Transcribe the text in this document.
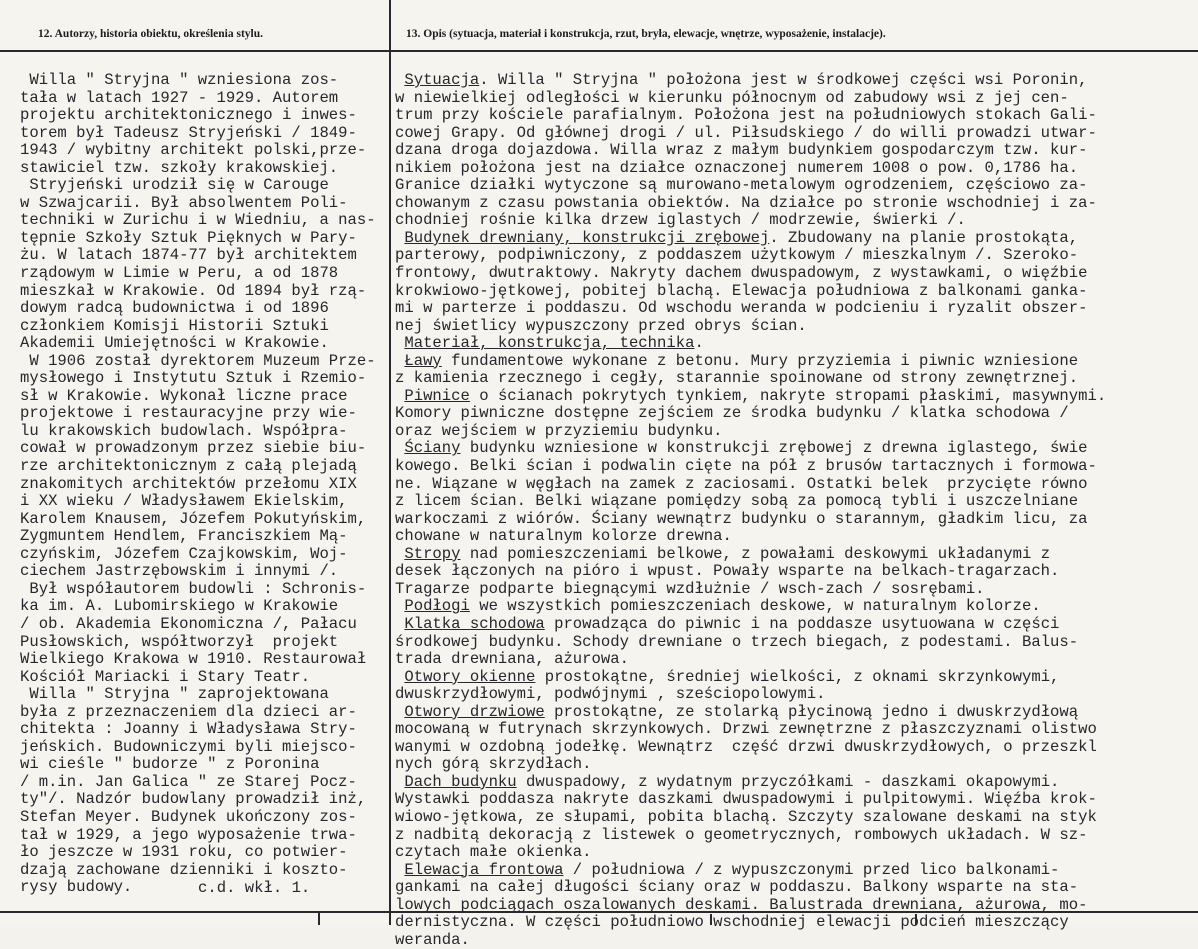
12. Autorzy, historia obiektu, określenia stylu.	13. Opis (sytuacja, materiał i konstrukcja, rzut, bryła, elewacje, wnętrze, wyposażenie, instalacje).
Willa " Stryjna " wzniesiona zos-
tała w latach 1927 - 1929. Autorem
projektu architektonicznego i inwes-
torem był Tadeusz Stryjeński / 1849-
1943 / wybitny architekt polski,prze-
stawiciel tzw. szkoły krakowskiej.
Stryjeński urodził się w Carouge
w Szwajcarii. Był absolwentem Poli-
techniki w Zurichu i w Wiedniu, a nas-
tępnie Szkoły Sztuk Pięknych w Pary-
żu. W latach 1874-77 był architektem
rządowym w Limie w Peru, a od 1878
mieszkał w Krakowie. Od 1894 był rzą-
dowym radcą budownictwa i od 1896
członkiem Komisji Historii Sztuki
Akademii Umiejętności w Krakowie.
W 1906 został dyrektorem Muzeum Prze-
mysłowego i Instytutu Sztuk i Rzemio-
sł w Krakowie. Wykonał liczne prace
projektowe i restauracyjne przy wie-
lu krakowskich budowlach. Współpra-
cował w prowadzonym przez siebie biu-
rze architektonicznym z całą plejadą
znakomitych architektów przełomu XIX
i XX wieku / Władysławem Ekielskim,
Karolem Knausem, Józefem Pokutyńskim,
Zygmuntem Hendlem, Franciszkiem Mą-
czyńskim, Józefem Czajkowskim, Woj-
ciechem Jastrzębowskim i innymi /.
Był współautorem budowli : Schronis-
ka im. A. Lubomirskiego w Krakowie
/ ob. Akademia Ekonomiczna /, Pałacu
Pusłowskich, współtworzył  projekt
Wielkiego Krakowa w 1910. Restaurował
Kościół Mariacki i Stary Teatr.
Willa " Stryjna " zaprojektowana
była z przeznaczeniem dla dzieci ar-
chitekta : Joanny i Władysława Stry-
jeńskich. Budowniczymi byli miejsco-
wi cieśle " budorze " z Poronina
/ m.in. Jan Galica " ze Starej Pocz-
ty"/. Nadzór budowlany prowadził inż,
Stefan Meyer. Budynek ukończony zos-
tał w 1929, a jego wyposażenie trwa-
ło jeszcze w 1931 roku, co potwier-
dzają zachowane dzienniki i koszto-
rysy budowy.	c.d. wkł. 1.
Sytuacja. Willa " Stryjna " położona jest w środkowej części wsi Poronin,
w niewielkiej odległości w kierunku północnym od zabudowy wsi z jej cen-
trum przy kościele parafialnym. Położona jest na południowych stokach Gali-
cowej Grapy. Od głównej drogi / ul. Piłsudskiego / do willi prowadzi utwar-
dzana droga dojazdowa. Willa wraz z małym budynkiem gospodarczym tzw. kur-
nikiem położona jest na działce oznaczonej numerem 1008 o pow. 0,1786 ha.
Granice działki wytyczone są murowano-metalowym ogrodzeniem, częściowo za-
chowanym z czasu powstania obiektów. Na działce po stronie wschodniej i za-
chodniej rośnie kilka drzew iglastych / modrzewie, świerki /.
Budynek drewniany, konstrukcji zrębowej. Zbudowany na planie prostokąta,
parterowy, podpiwniczony, z poddaszem użytkowym / mieszkalnym /. Szeroko-
frontowy, dwutraktowy. Nakryty dachem dwuspadowym, z wystawkami, o więźbie
krokwiowo-jętkowej, pobitej blachą. Elewacja południowa z balkonami ganka-
mi w parterze i poddaszu. Od wschodu weranda w podcieniu i ryzalit obszer-
nej świetlicy wypuszczony przed obrys ścian.
Materiał, konstrukcja, technika.
Ławy fundamentowe wykonane z betonu. Mury przyziemia i piwnic wzniesione
z kamienia rzecznego i cegły, starannie spoinowane od strony zewnętrznej.
Piwnice o ścianach pokrytych tynkiem, nakryte stropami płaskimi, masywnymi.
Komory piwniczne dostępne zejściem ze środka budynku / klatka schodowa /
oraz wejściem w przyziemiu budynku.
Ściany budynku wzniesione w konstrukcji zrębowej z drewna iglastego, świe
kowego. Belki ścian i podwalin cięte na pół z brusów tartacznych i formowa-
ne. Wiązane w węgłach na zamek z zaciosami. Ostatki belek  przycięte równo
z licem ścian. Belki wiązane pomiędzy sobą za pomocą tybli i uszczelniane
warkoczami z wiórów. Ściany wewnątrz budynku o starannym, gładkim licu, za
chowane w naturalnym kolorze drewna.
Stropy nad pomieszczeniami belkowe, z powałami deskowymi układanymi z
desek łączonych na pióro i wpust. Powały wsparte na belkach-tragarzach.
Tragarze podparte biegnącymi wzdłużnie / wsch-zach / sosrębami.
Podłogi we wszystkich pomieszczeniach deskowe, w naturalnym kolorze.
Klatka schodowa prowadząca do piwnic i na poddasze usytuowana w części
środkowej budynku. Schody drewniane o trzech biegach, z podestami. Balus-
trada drewniana, ażurowa.
Otwory okienne prostokątne, średniej wielkości, z oknami skrzynkowymi,
dwuskrzydłowymi, podwójnymi , sześciopolowymi.
Otwory drzwiowe prostokątne, ze stolarką płycinową jedno i dwuskrzydłową
mocowaną w futrynach skrzynkowych. Drzwi zewnętrzne z płaszczyznami olistwo
wanymi w ozdobną jodełkę. Wewnątrz  część drzwi dwuskrzydłowych, o przeszkl
nych górą skrzydłach.
Dach budynku dwuspadowy, z wydatnym przyczółkami - daszkami okapowymi.
Wystawki poddasza nakryte daszkami dwuspadowymi i pulpitowymi. Więźba krok-
wiowo-jętkowa, ze słupami, pobita blachą. Szczyty szalowane deskami na styk
z nadbitą dekoracją z listewek o geometrycznych, rombowych układach. W sz-
czytach małe okienka.
Elewacja frontowa / południowa / z wypuszczonymi przed lico balkonami-
gankami na całej długości ściany oraz w poddaszu. Balkony wsparte na sta-
lowych podciągach oszalowanych deskami. Balustrada drewniana, ażurowa, mo-
dernistyczna. W części południowo wschodniej elewacji podcień mieszczący
weranda.
